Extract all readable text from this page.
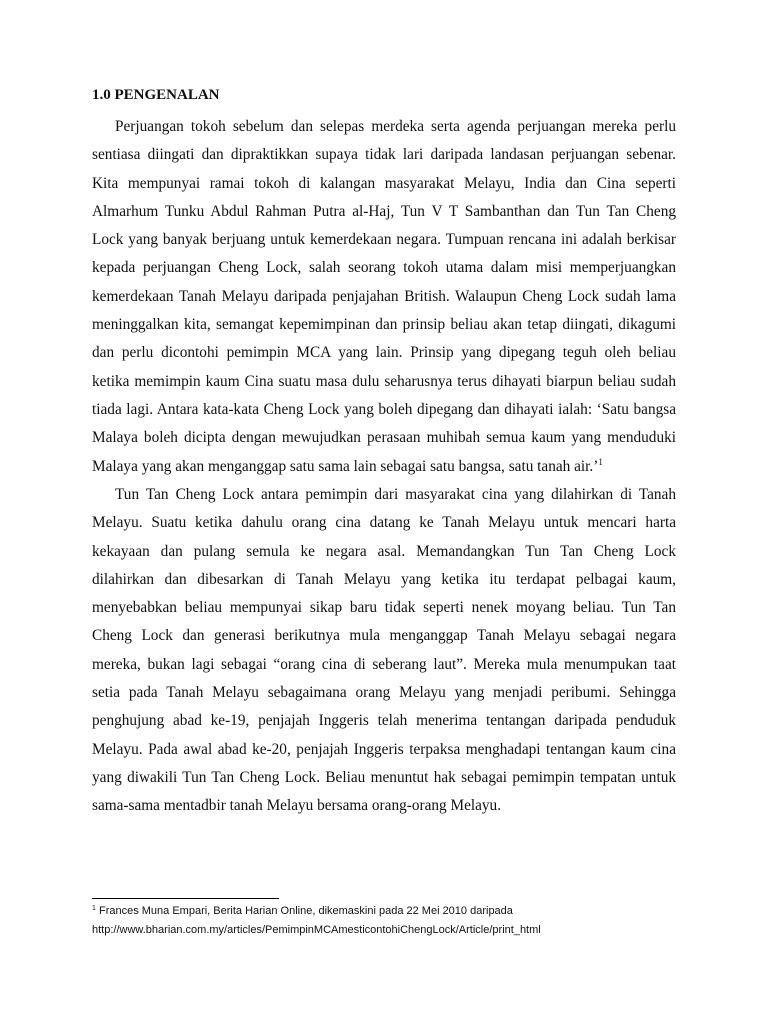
1.0 PENGENALAN
Perjuangan tokoh sebelum dan selepas merdeka serta agenda perjuangan mereka perlu
sentiasa diingati dan dipraktikkan supaya tidak lari daripada landasan perjuangan sebenar.
Kita mempunyai ramai tokoh di kalangan masyarakat Melayu, India dan Cina seperti
Almarhum Tunku Abdul Rahman Putra al-Haj, Tun V T Sambanthan dan Tun Tan Cheng
Lock yang banyak berjuang untuk kemerdekaan negara. Tumpuan rencana ini adalah berkisar
kepada perjuangan Cheng Lock, salah seorang tokoh utama dalam misi memperjuangkan
kemerdekaan Tanah Melayu daripada penjajahan British. Walaupun Cheng Lock sudah lama
meninggalkan kita, semangat kepemimpinan dan prinsip beliau akan tetap diingati, dikagumi
dan perlu dicontohi pemimpin MCA yang lain. Prinsip yang dipegang teguh oleh beliau
ketika memimpin kaum Cina suatu masa dulu seharusnya terus dihayati biarpun beliau sudah
tiada lagi. Antara kata-kata Cheng Lock yang boleh dipegang dan dihayati ialah: ‘Satu bangsa
Malaya boleh dicipta dengan mewujudkan perasaan muhibah semua kaum yang menduduki
Malaya yang akan menganggap satu sama lain sebagai satu bangsa, satu tanah air.’$^1$
Tun Tan Cheng Lock antara pemimpin dari masyarakat cina yang dilahirkan di Tanah
Melayu. Suatu ketika dahulu orang cina datang ke Tanah Melayu untuk mencari harta
kekayaan dan pulang semula ke negara asal. Memandangkan Tun Tan Cheng Lock
dilahirkan dan dibesarkan di Tanah Melayu yang ketika itu terdapat pelbagai kaum,
menyebabkan beliau mempunyai sikap baru tidak seperti nenek moyang beliau. Tun Tan
Cheng Lock dan generasi berikutnya mula menganggap Tanah Melayu sebagai negara
mereka, bukan lagi sebagai “orang cina di seberang laut”. Mereka mula menumpukan taat
setia pada Tanah Melayu sebagaimana orang Melayu yang menjadi peribumi. Sehingga
penghujung abad ke-19, penjajah Inggeris telah menerima tentangan daripada penduduk
Melayu. Pada awal abad ke-20, penjajah Inggeris terpaksa menghadapi tentangan kaum cina
yang diwakili Tun Tan Cheng Lock. Beliau menuntut hak sebagai pemimpin tempatan untuk
sama-sama mentadbir tanah Melayu bersama orang-orang Melayu.
$^1$ Frances Muna Empari, Berita Harian Online, dikemaskini pada 22 Mei 2010 daripada
http://www.bharian.com.my/articles/PemimpinMCAmesticontohiChengLock/Article/print_html
